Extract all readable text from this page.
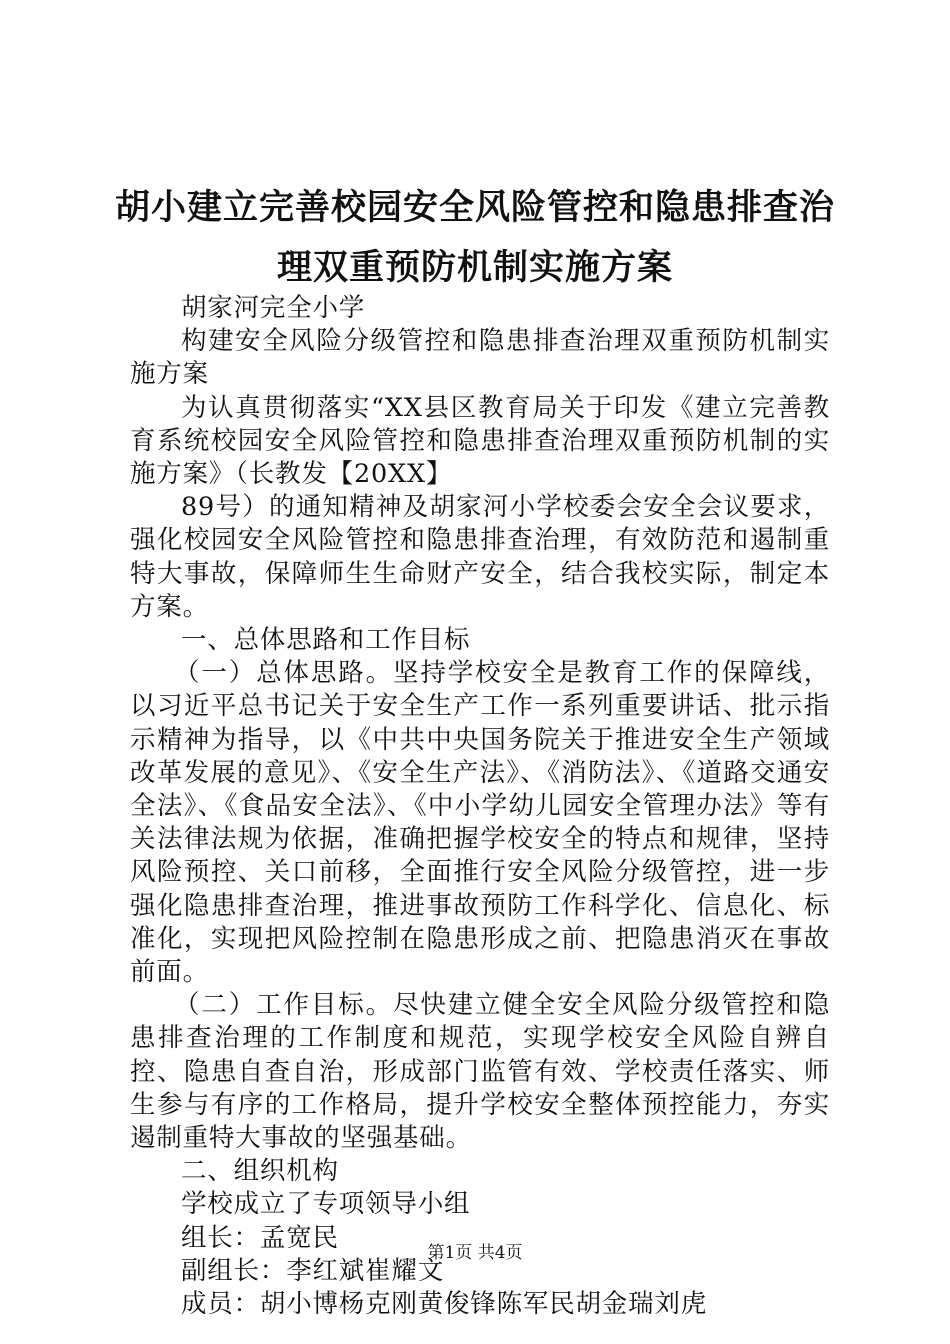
胡小建立完善校园安全风险管控和隐患排查治
理双重预防机制实施方案

胡家河完全小学

构建安全风险分级管控和隐患排查治理双重预防机制实施方案

为认真贯彻落实“XX县区教育局关于印发《建立完善教育系统校园安全风险管控和隐患排查治理双重预防机制的实施方案》（长教发【20XX】

89号）的通知精神及胡家河小学校委会安全会议要求，强化校园安全风险管控和隐患排查治理，有效防范和遏制重特大事故，保障师生生命财产安全，结合我校实际，制定本方案。

一、总体思路和工作目标

（一）总体思路。坚持学校安全是教育工作的保障线，以习近平总书记关于安全生产工作一系列重要讲话、批示指示精神为指导，以《中共中央国务院关于推进安全生产领域改革发展的意见》、《安全生产法》、《消防法》、《道路交通安全法》、《食品安全法》、《中小学幼儿园安全管理办法》等有关法律法规为依据，准确把握学校安全的特点和规律，坚持风险预控、关口前移，全面推行安全风险分级管控，进一步强化隐患排查治理，推进事故预防工作科学化、信息化、标准化，实现把风险控制在隐患形成之前、把隐患消灭在事故前面。

（二）工作目标。尽快建立健全安全风险分级管控和隐患排查治理的工作制度和规范，实现学校安全风险自辨自控、隐患自查自治，形成部门监管有效、学校责任落实、师生参与有序的工作格局，提升学校安全整体预控能力，夯实遏制重特大事故的坚强基础。

二、组织机构

学校成立了专项领导小组

组长：孟宽民

副组长：李红斌崔耀文

成员：胡小博杨克刚黄俊锋陈军民胡金瑞刘虎

第1页 共4页
